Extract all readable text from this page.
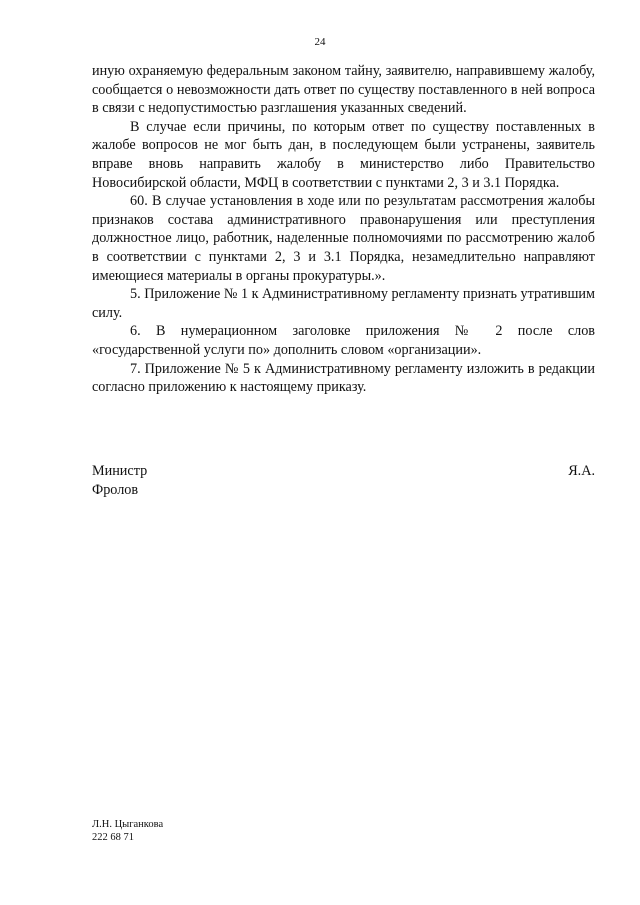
24

иную охраняемую федеральным законом тайну, заявителю, направившему жалобу, сообщается о невозможности дать ответ по существу поставленного в ней вопроса в связи с недопустимостью разглашения указанных сведений.

В случае если причины, по которым ответ по существу поставленных в жалобе вопросов не мог быть дан, в последующем были устранены, заявитель вправе вновь направить жалобу в министерство либо Правительство Новосибирской области, МФЦ в соответствии с пунктами 2, 3 и 3.1 Порядка.

60. В случае установления в ходе или по результатам рассмотрения жалобы признаков состава административного правонарушения или преступления должностное лицо, работник, наделенные полномочиями по рассмотрению жалоб в соответствии с пунктами 2, 3 и 3.1 Порядка, незамедлительно направляют имеющиеся материалы в органы прокуратуры.».

5. Приложение № 1 к Административному регламенту признать утратившим силу.

6. В нумерационном заголовке приложения № 2 после слов «государственной услуги по» дополнить словом «организации».

7. Приложение № 5 к Административному регламенту изложить в редакции согласно приложению к настоящему приказу.

Министр	Я.А.
Фролов
Л.Н. Цыганкова
222 68 71
